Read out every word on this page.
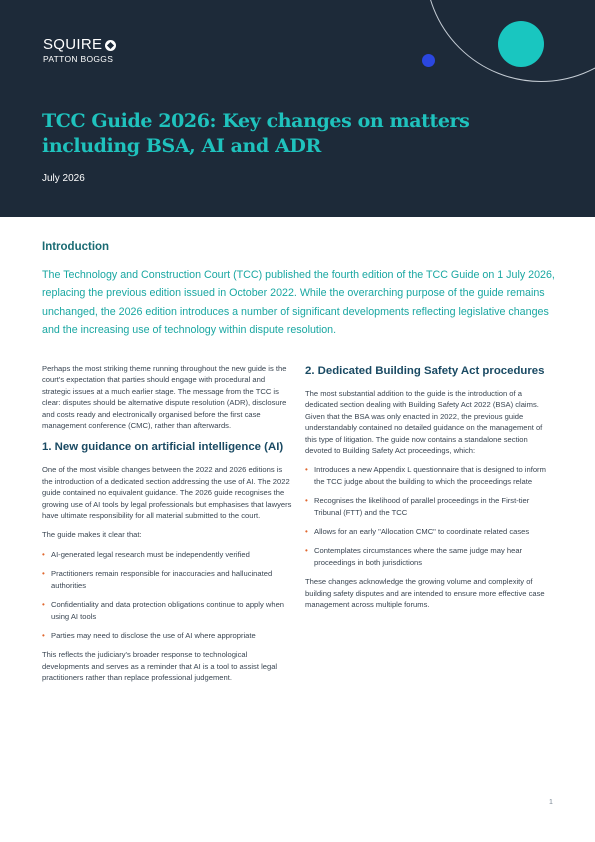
SQUIRE
PATTON BOGGS
TCC Guide 2026: Key changes on matters including BSA, AI and ADR
July 2026
Introduction

The Technology and Construction Court (TCC) published the fourth edition of the TCC Guide on 1 July 2026, replacing the previous edition issued in October 2022. While the overarching purpose of the guide remains unchanged, the 2026 edition introduces a number of significant developments reflecting legislative changes and the increasing use of technology within dispute resolution.

Perhaps the most striking theme running throughout the new guide is the court's expectation that parties should engage with procedural and strategic issues at a much earlier stage. The message from the TCC is clear: disputes should be alternative dispute resolution (ADR), disclosure and costs ready and electronically organised before the first case management conference (CMC), rather than afterwards.

1. New guidance on artificial intelligence (AI)

One of the most visible changes between the 2022 and 2026 editions is the introduction of a dedicated section addressing the use of AI. The 2022 guide contained no equivalent guidance. The 2026 guide recognises the growing use of AI tools by legal professionals but emphasises that lawyers have ultimate responsibility for all material submitted to the court.

The guide makes it clear that:

• AI-generated legal research must be independently verified
• Practitioners remain responsible for inaccuracies and hallucinated authorities
• Confidentiality and data protection obligations continue to apply when using AI tools
• Parties may need to disclose the use of AI where appropriate

This reflects the judiciary's broader response to technological developments and serves as a reminder that AI is a tool to assist legal practitioners rather than replace professional judgement.

2. Dedicated Building Safety Act procedures

The most substantial addition to the guide is the introduction of a dedicated section dealing with Building Safety Act 2022 (BSA) claims. Given that the BSA was only enacted in 2022, the previous guide understandably contained no detailed guidance on the management of this type of litigation. The guide now contains a standalone section devoted to Building Safety Act proceedings, which:

• Introduces a new Appendix L questionnaire that is designed to inform the TCC judge about the building to which the proceedings relate
• Recognises the likelihood of parallel proceedings in the First-tier Tribunal (FTT) and the TCC
• Allows for an early "Allocation CMC" to coordinate related cases
• Contemplates circumstances where the same judge may hear proceedings in both jurisdictions

These changes acknowledge the growing volume and complexity of building safety disputes and are intended to ensure more effective case management across multiple forums.

1
